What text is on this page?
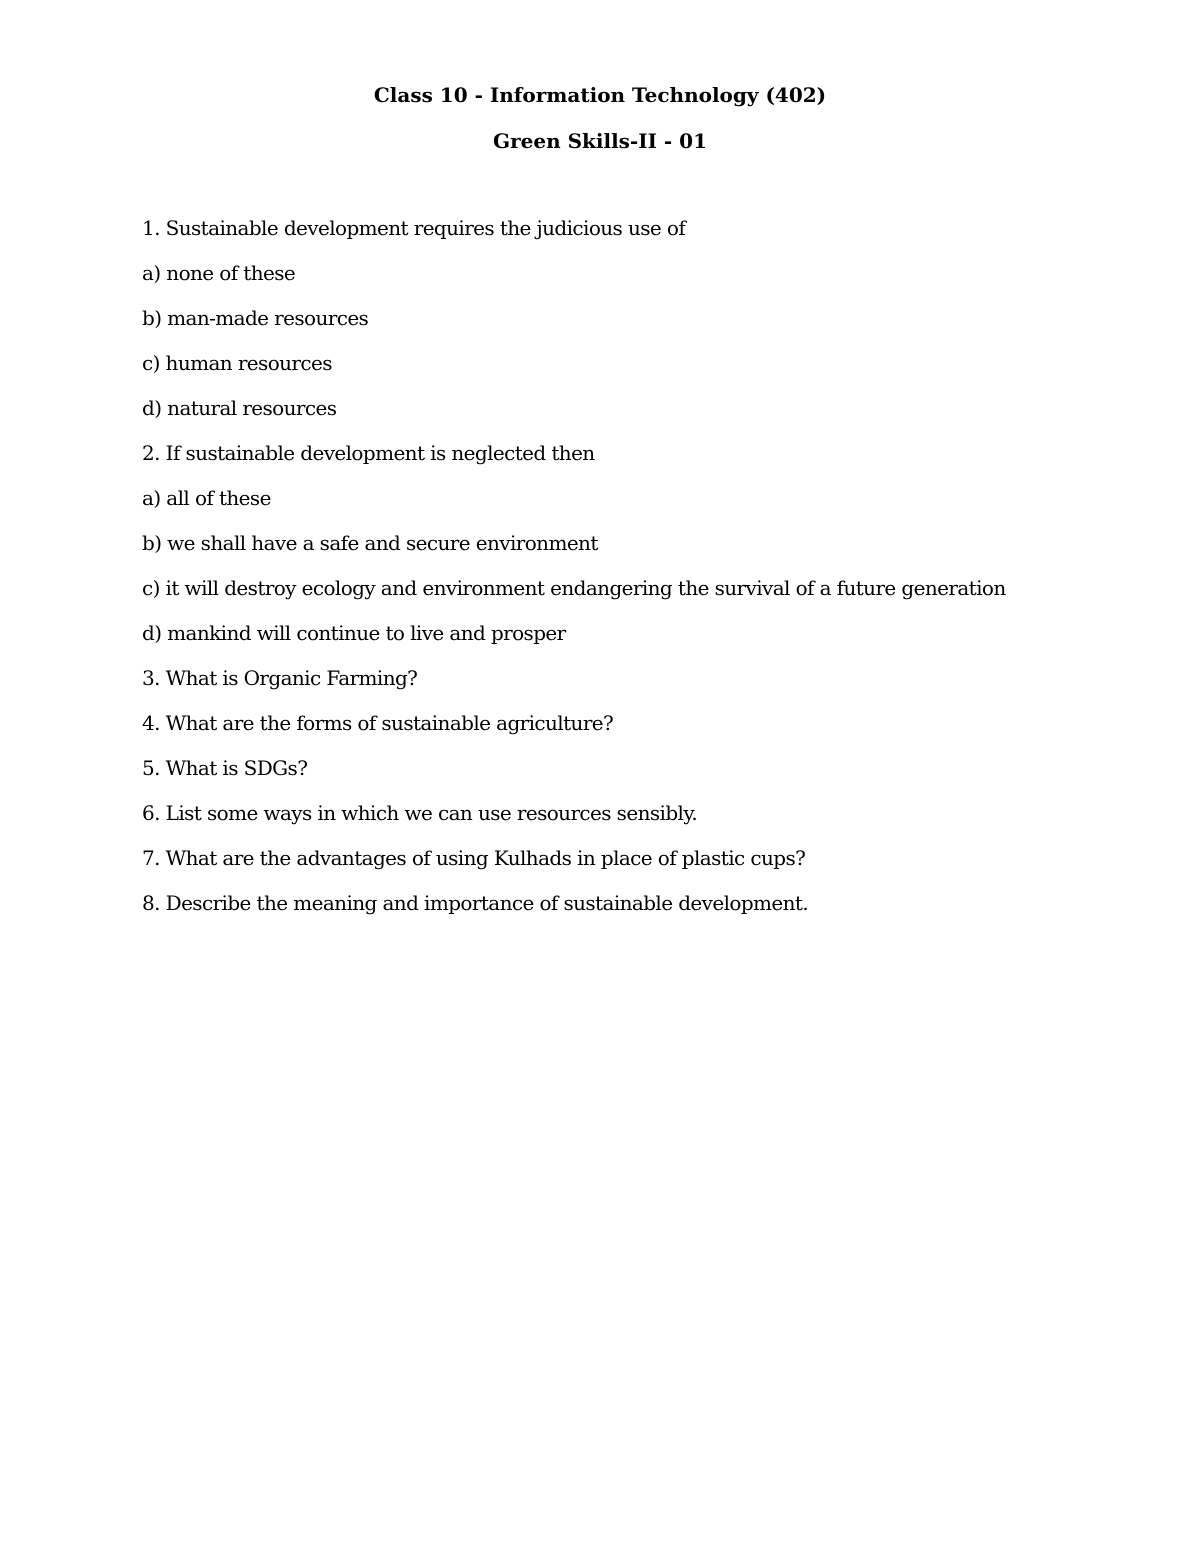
Class 10 - Information Technology (402)
Green Skills-II - 01
1. Sustainable development requires the judicious use of
a) none of these
b) man-made resources
c) human resources
d) natural resources
2. If sustainable development is neglected then
a) all of these
b) we shall have a safe and secure environment
c) it will destroy ecology and environment endangering the survival of a future generation
d) mankind will continue to live and prosper
3. What is Organic Farming?
4. What are the forms of sustainable agriculture?
5. What is SDGs?
6. List some ways in which we can use resources sensibly.
7. What are the advantages of using Kulhads in place of plastic cups?
8. Describe the meaning and importance of sustainable development.
